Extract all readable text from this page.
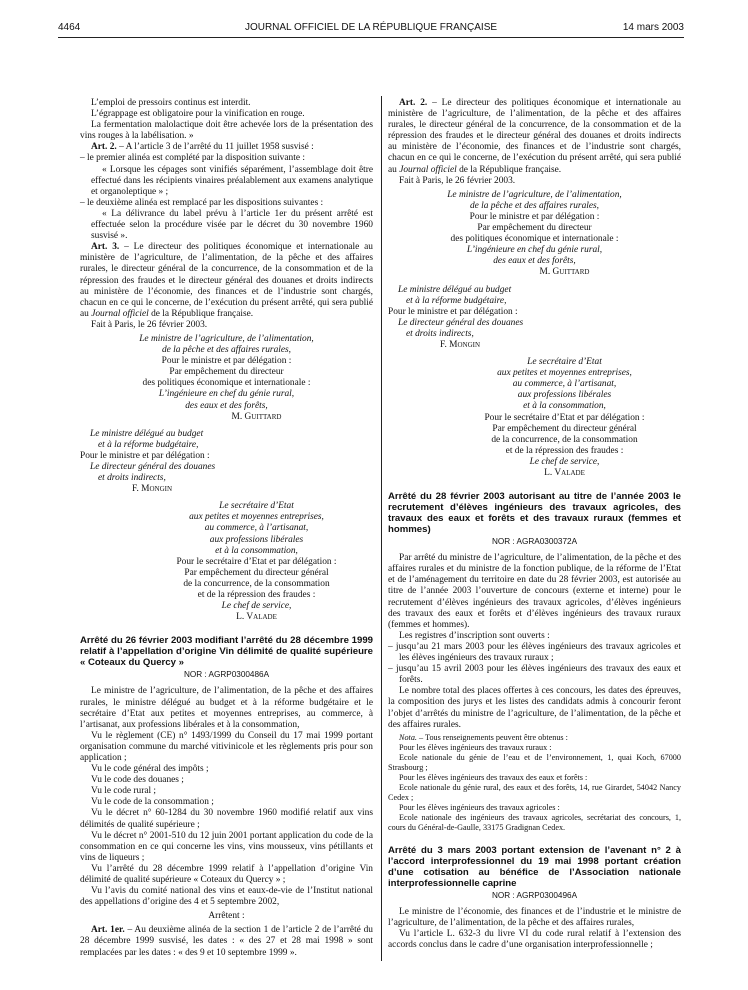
4464	JOURNAL OFFICIEL DE LA RÉPUBLIQUE FRANÇAISE	14 mars 2003

L’emploi de pressoirs continus est interdit.

L’égrappage est obligatoire pour la vinification en rouge.

La fermentation malolactique doit être achevée lors de la présentation des vins rouges à la labélisation. »

Art. 2. – A l’article 3 de l’arrêté du 11 juillet 1958 susvisé :

– le premier alinéa est complété par la disposition suivante :

« Lorsque les cépages sont vinifiés séparément, l’assemblage doit être effectué dans les récipients vinaires préalablement aux examens analytique et organoleptique » ;

– le deuxième alinéa est remplacé par les dispositions suivantes :

« La délivrance du label prévu à l’article 1er du présent arrêté est effectuée selon la procédure visée par le décret du 30 novembre 1960 susvisé ».

Art. 3. – Le directeur des politiques économique et internationale au ministère de l’agriculture, de l’alimentation, de la pêche et des affaires rurales, le directeur général de la concurrence, de la consommation et de la répression des fraudes et le directeur général des douanes et droits indirects au ministère de l’économie, des finances et de l’industrie sont chargés, chacun en ce qui le concerne, de l’exécution du présent arrêté, qui sera publié au Journal officiel de la République française.

Fait à Paris, le 26 février 2003.

Le ministre de l’agriculture, de l’alimentation,

de la pêche et des affaires rurales,

Pour le ministre et par délégation :

Par empêchement du directeur

des politiques économique et internationale :

L’ingénieure en chef du génie rural,

des eaux et des forêts,

M. Guittard

Le ministre délégué au budget

et à la réforme budgétaire,

Pour le ministre et par délégation :

Le directeur général des douanes

et droits indirects,

F. Mongin

Le secrétaire d’Etat

aux petites et moyennes entreprises,

au commerce, à l’artisanat,

aux professions libérales

et à la consommation,

Pour le secrétaire d’Etat et par délégation :

Par empêchement du directeur général

de la concurrence, de la consommation

et de la répression des fraudes :

Le chef de service,

L. Valade

Arrêté du 26 février 2003 modifiant l’arrêté du 28 décembre 1999 relatif à l’appellation d’origine Vin délimité de qualité supérieure « Coteaux du Quercy »

NOR : AGRP0300486A

Le ministre de l’agriculture, de l’alimentation, de la pêche et des affaires rurales, le ministre délégué au budget et à la réforme budgétaire et le secrétaire d’Etat aux petites et moyennes entreprises, au commerce, à l’artisanat, aux professions libérales et à la consommation,

Vu le règlement (CE) n° 1493/1999 du Conseil du 17 mai 1999 portant organisation commune du marché vitivinicole et les règlements pris pour son application ;

Vu le code général des impôts ;

Vu le code des douanes ;

Vu le code rural ;

Vu le code de la consommation ;

Vu le décret n° 60-1284 du 30 novembre 1960 modifié relatif aux vins délimités de qualité supérieure ;

Vu le décret n° 2001-510 du 12 juin 2001 portant application du code de la consommation en ce qui concerne les vins, vins mousseux, vins pétillants et vins de liqueurs ;

Vu l’arrêté du 28 décembre 1999 relatif à l’appellation d’origine Vin délimité de qualité supérieure « Coteaux du Quercy » ;

Vu l’avis du comité national des vins et eaux-de-vie de l’Institut national des appellations d’origine des 4 et 5 septembre 2002,

Arrêtent :

Art. 1er. – Au deuxième alinéa de la section 1 de l’article 2 de l’arrêté du 28 décembre 1999 susvisé, les dates : « des 27 et 28 mai 1998 » sont remplacées par les dates : « des 9 et 10 septembre 1999 ».

Art. 2. – Le directeur des politiques économique et internationale au ministère de l’agriculture, de l’alimentation, de la pêche et des affaires rurales, le directeur général de la concurrence, de la consommation et de la répression des fraudes et le directeur général des douanes et droits indirects au ministère de l’économie, des finances et de l’industrie sont chargés, chacun en ce qui le concerne, de l’exécution du présent arrêté, qui sera publié au Journal officiel de la République française.

Fait à Paris, le 26 février 2003.

Le ministre de l’agriculture, de l’alimentation,

de la pêche et des affaires rurales,

Pour le ministre et par délégation :

Par empêchement du directeur

des politiques économique et internationale :

L’ingénieure en chef du génie rural,

des eaux et des forêts,

M. Guittard

Le ministre délégué au budget

et à la réforme budgétaire,

Pour le ministre et par délégation :

Le directeur général des douanes

et droits indirects,

F. Mongin

Le secrétaire d’Etat

aux petites et moyennes entreprises,

au commerce, à l’artisanat,

aux professions libérales

et à la consommation,

Pour le secrétaire d’Etat et par délégation :

Par empêchement du directeur général

de la concurrence, de la consommation

et de la répression des fraudes :

Le chef de service,

L. Valade

Arrêté du 28 février 2003 autorisant au titre de l’année 2003 le recrutement d’élèves ingénieurs des travaux agricoles, des travaux des eaux et forêts et des travaux ruraux (femmes et hommes)

NOR : AGRA0300372A

Par arrêté du ministre de l’agriculture, de l’alimentation, de la pêche et des affaires rurales et du ministre de la fonction publique, de la réforme de l’Etat et de l’aménagement du territoire en date du 28 février 2003, est autorisée au titre de l’année 2003 l’ouverture de concours (externe et interne) pour le recrutement d’élèves ingénieurs des travaux agricoles, d’élèves ingénieurs des travaux des eaux et forêts et d’élèves ingénieurs des travaux ruraux (femmes et hommes).

Les registres d’inscription sont ouverts :

– jusqu’au 21 mars 2003 pour les élèves ingénieurs des travaux agricoles et les élèves ingénieurs des travaux ruraux ;

– jusqu’au 15 avril 2003 pour les élèves ingénieurs des travaux des eaux et forêts.

Le nombre total des places offertes à ces concours, les dates des épreuves, la composition des jurys et les listes des candidats admis à concourir feront l’objet d’arrêtés du ministre de l’agriculture, de l’alimentation, de la pêche et des affaires rurales.

Nota. – Tous renseignements peuvent être obtenus :

Pour les élèves ingénieurs des travaux ruraux :

Ecole nationale du génie de l’eau et de l’environnement, 1, quai Koch, 67000 Strasbourg ;

Pour les élèves ingénieurs des travaux des eaux et forêts :

Ecole nationale du génie rural, des eaux et des forêts, 14, rue Girardet, 54042 Nancy Cedex ;

Pour les élèves ingénieurs des travaux agricoles :

Ecole nationale des ingénieurs des travaux agricoles, secrétariat des concours, 1, cours du Général-de-Gaulle, 33175 Gradignan Cedex.

Arrêté du 3 mars 2003 portant extension de l’avenant n° 2 à l’accord interprofessionnel du 19 mai 1998 portant création d’une cotisation au bénéfice de l’Association nationale interprofessionnelle caprine

NOR : AGRP0300496A

Le ministre de l’économie, des finances et de l’industrie et le ministre de l’agriculture, de l’alimentation, de la pêche et des affaires rurales,

Vu l’article L. 632-3 du livre VI du code rural relatif à l’extension des accords conclus dans le cadre d’une organisation interprofessionnelle ;
